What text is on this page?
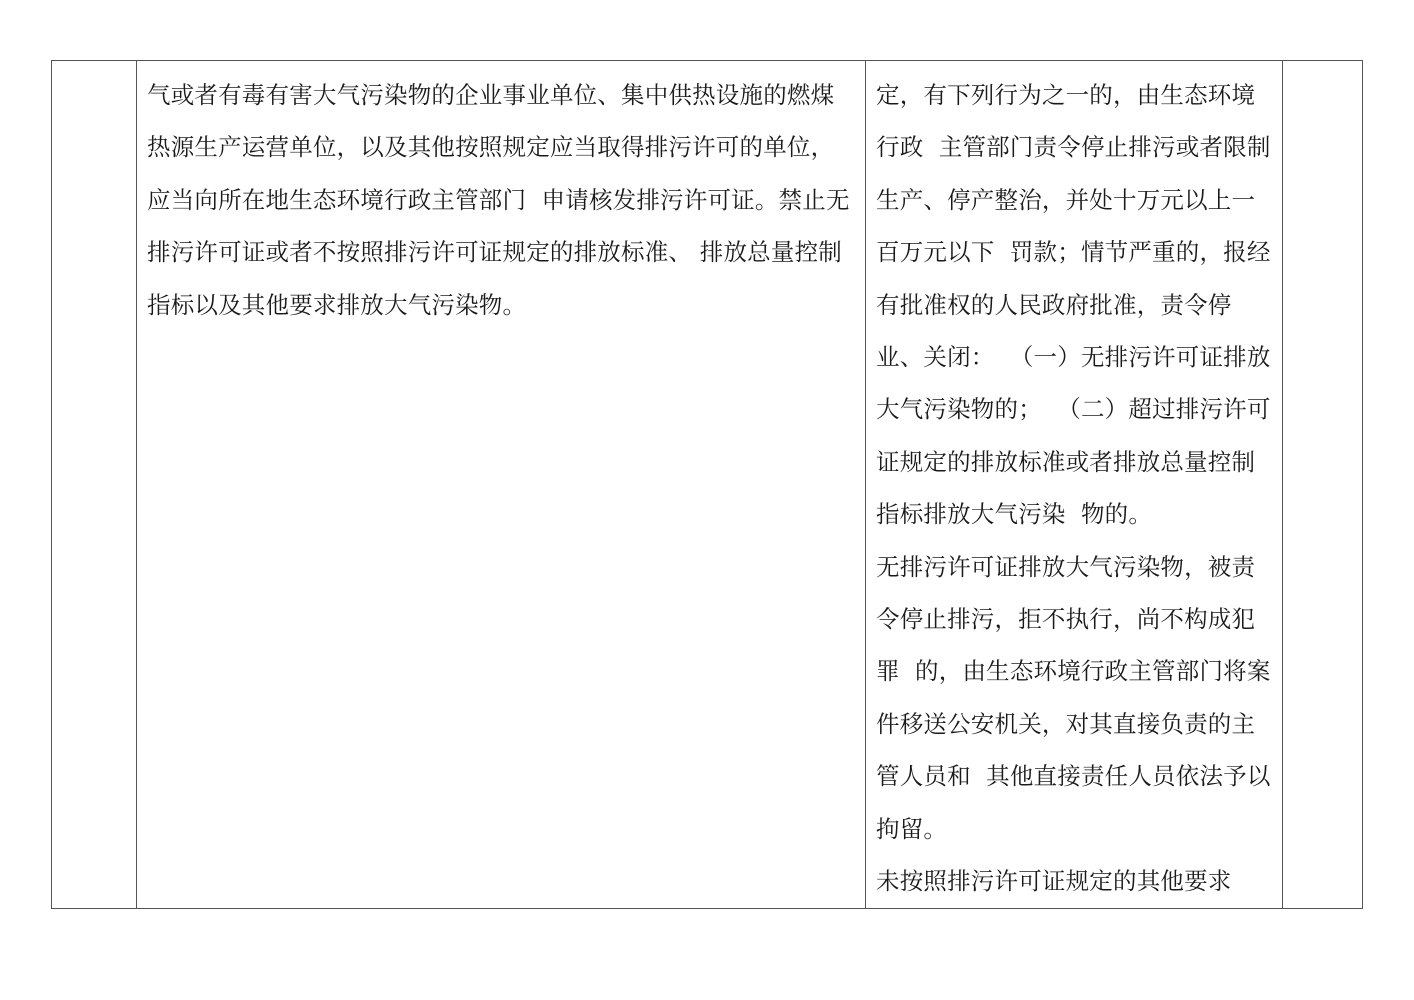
气或者有毒有害大气污染物的企业事业单位、集中供热设施的燃煤热源生产运营单位，以及其他按照规定应当取得排污许可的单位，应当向所在地生态环境行政主管部门  申请核发排污许可证。禁止无排污许可证或者不按照排污许可证规定的排放标准、 排放总量控制指标以及其他要求排放大气污染物。

定，有下列行为之一的，由生态环境行政  主管部门责令停止排污或者限制生产、停产整治，并处十万元以上一百万元以下  罚款；情节严重的，报经有批准权的人民政府批准，责令停业、关闭：  （一）无排污许可证排放大气污染物的；  （二）超过排污许可证规定的排放标准或者排放总量控制指标排放大气污染  物的。
无排污许可证排放大气污染物，被责令停止排污，拒不执行，尚不构成犯罪  的，由生态环境行政主管部门将案件移送公安机关，对其直接负责的主管人员和  其他直接责任人员依法予以拘留。
未按照排污许可证规定的其他要求
